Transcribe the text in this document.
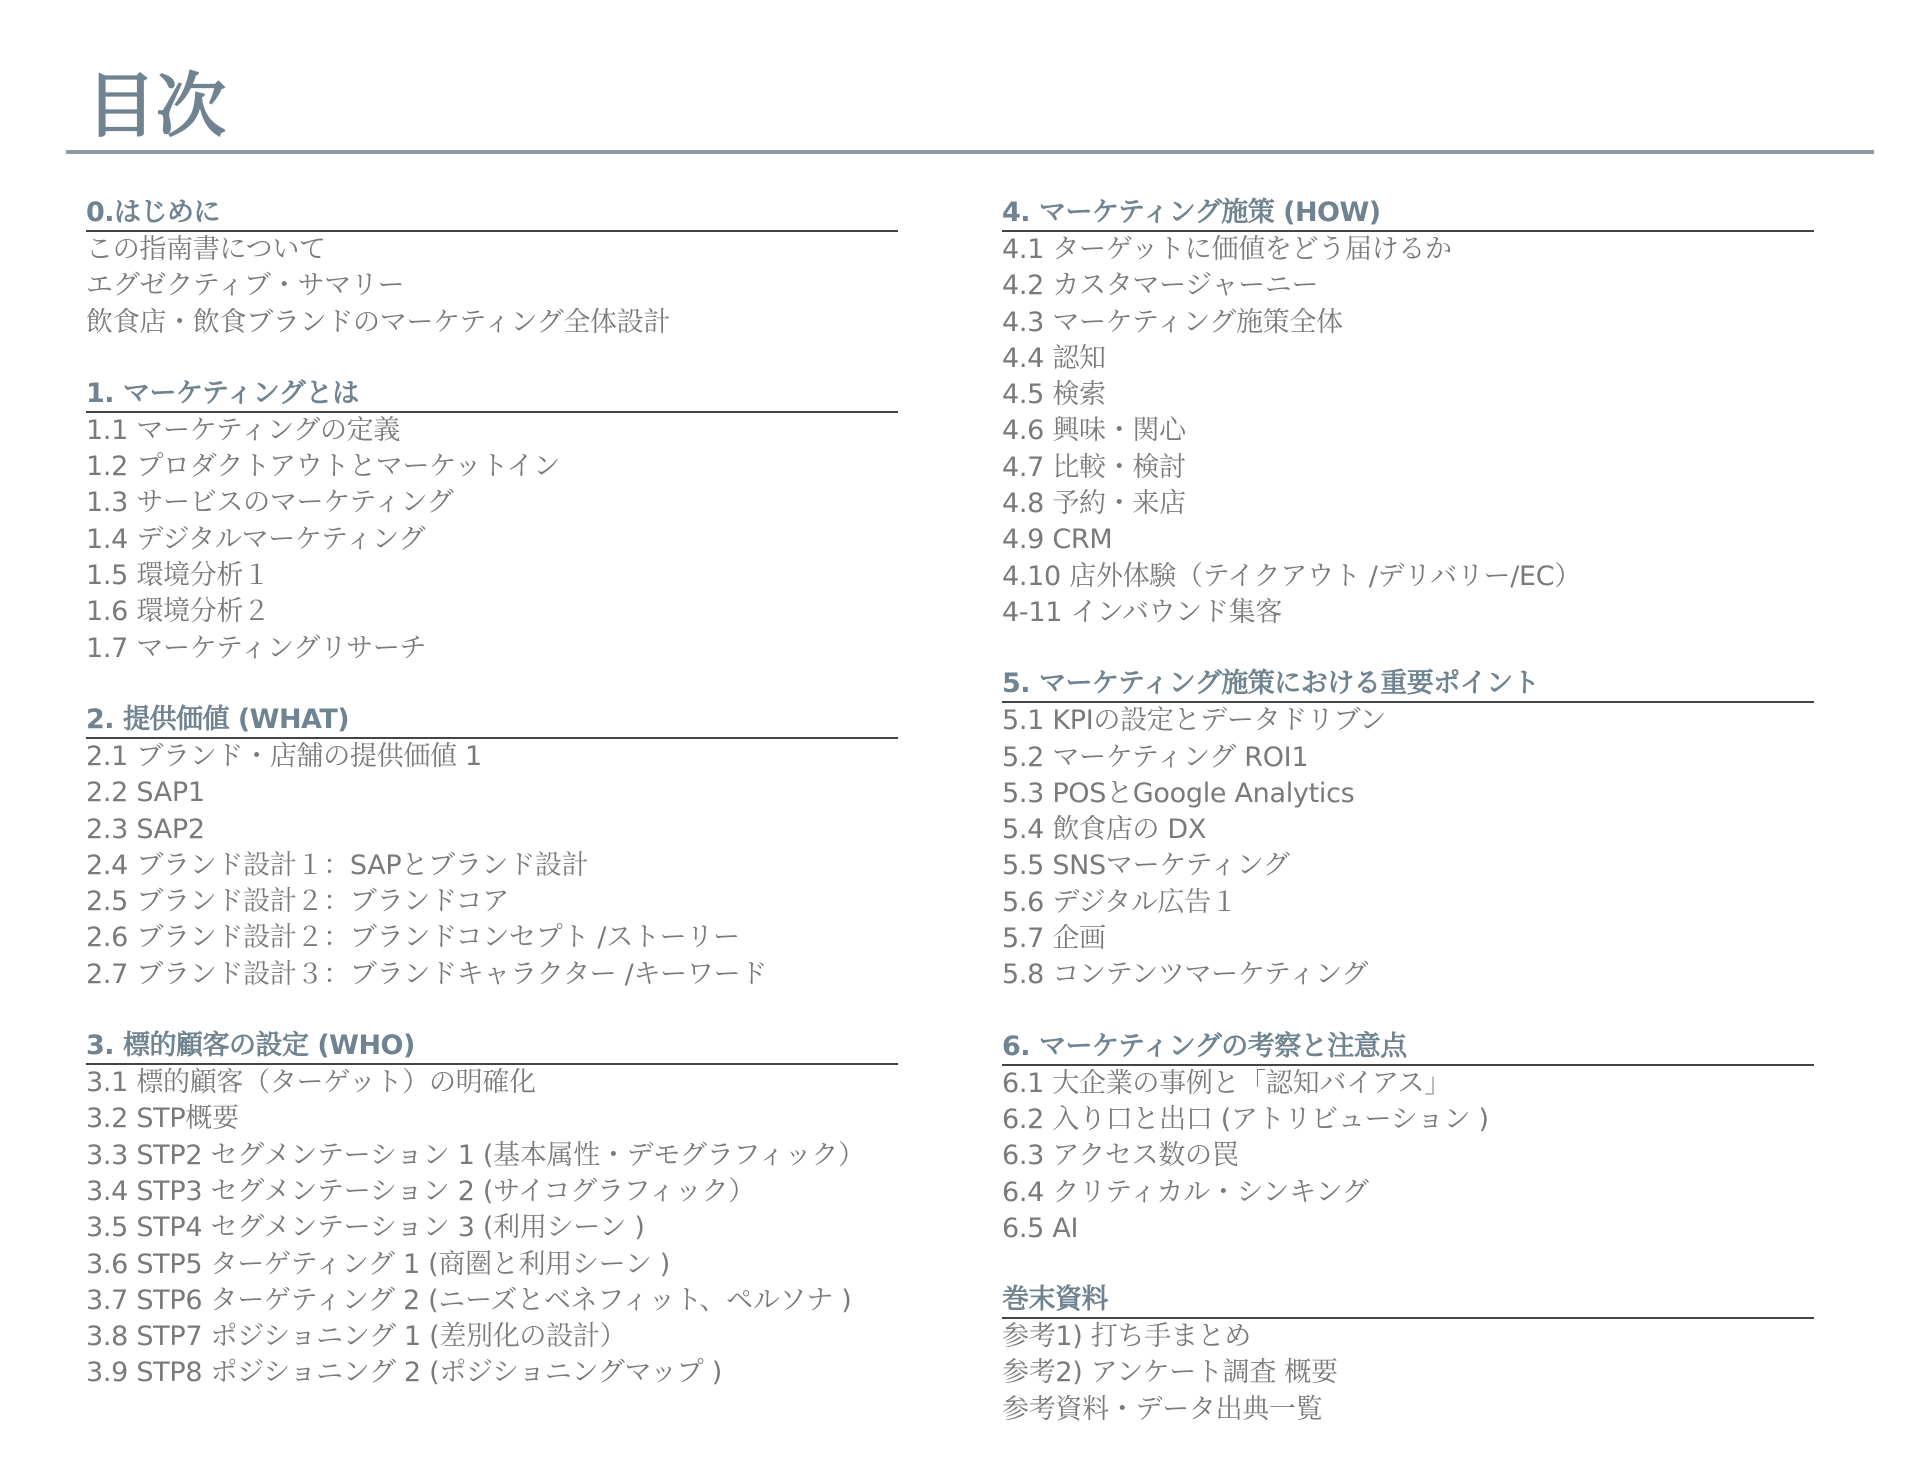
目次
0.はじめに
この指南書について
エグゼクティブ・サマリー
飲食店・飲食ブランドのマーケティング全体設計
1. マーケティングとは
1.1 マーケティングの定義
1.2 プロダクトアウトとマーケットイン
1.3 サービスのマーケティング
1.4 デジタルマーケティング
1.5 環境分析１
1.6 環境分析２
1.7 マーケティングリサーチ
2. 提供価値 (WHAT)
2.1 ブランド・店舗の提供価値 1
2.2 SAP1
2.3 SAP2
2.4 ブランド設計１：SAPとブランド設計
2.5 ブランド設計２：ブランドコア
2.6 ブランド設計２：ブランドコンセプト /ストーリー
2.7 ブランド設計３：ブランドキャラクター /キーワード
3. 標的顧客の設定 (WHO)
3.1 標的顧客（ターゲット）の明確化
3.2 STP概要
3.3 STP2 セグメンテーション 1 (基本属性・デモグラフィック）
3.4 STP3 セグメンテーション 2 (サイコグラフィック）
3.5 STP4 セグメンテーション 3 (利用シーン )
3.6 STP5 ターゲティング 1 (商圏と利用シーン )
3.7 STP6 ターゲティング 2 (ニーズとベネフィット、ペルソナ )
3.8 STP7 ポジショニング 1 (差別化の設計）
3.9 STP8 ポジショニング 2 (ポジショニングマップ )
4. マーケティング施策 (HOW)
4.1 ターゲットに価値をどう届けるか
4.2 カスタマージャーニー
4.3 マーケティング施策全体
4.4 認知
4.5 検索
4.6 興味・関心
4.7 比較・検討
4.8 予約・来店
4.9 CRM
4.10 店外体験（テイクアウト /デリバリー/EC）
4-11 インバウンド集客
5. マーケティング施策における重要ポイント
5.1 KPIの設定とデータドリブン
5.2 マーケティング ROI1
5.3 POSとGoogle Analytics
5.4 飲食店の DX
5.5 SNSマーケティング
5.6 デジタル広告１
5.7 企画
5.8 コンテンツマーケティング
6. マーケティングの考察と注意点
6.1 大企業の事例と「認知バイアス」
6.2 入り口と出口 (アトリビューション )
6.3 アクセス数の罠
6.4 クリティカル・シンキング
6.5 AI
巻末資料
参考1) 打ち手まとめ
参考2) アンケート調査 概要
参考資料・データ出典一覧
